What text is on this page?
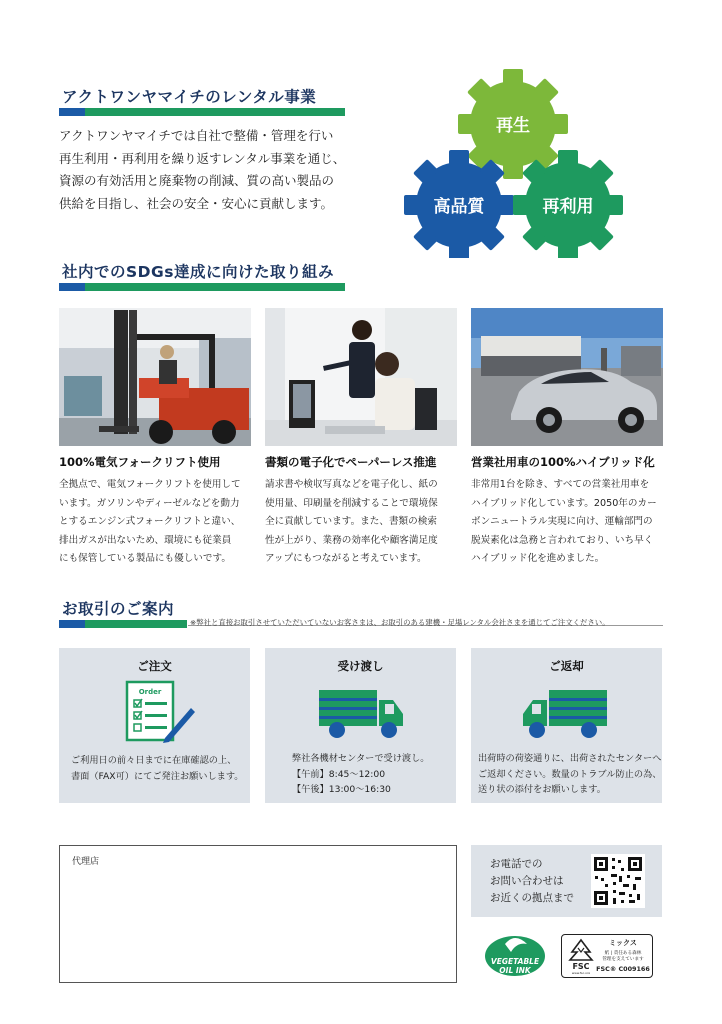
アクトワンヤマイチのレンタル事業
アクトワンヤマイチでは自社で整備・管理を行い
再生利用・再利用を繰り返すレンタル事業を通じ、
資源の有効活用と廃棄物の削減、質の高い製品の
供給を目指し、社会の安全・安心に貢献します。
再生
高品質	再利用
社内でのSDGs達成に向けた取り組み
100%電気フォークリフト使用	書類の電子化でペーパーレス推進	営業社用車の100%ハイブリッド化
全拠点で、電気フォークリフトを使用して
います。ガソリンやディーゼルなどを動力
とするエンジン式フォークリフトと違い、
排出ガスが出ないため、環境にも従業員
にも保管している製品にも優しいです。
請求書や検収写真などを電子化し、紙の
使用量、印刷量を削減することで環境保
全に貢献しています。また、書類の検索
性が上がり、業務の効率化や顧客満足度
アップにもつながると考えています。
非常用1台を除き、すべての営業社用車を
ハイブリッド化しています。2050年のカー
ボンニュートラル実現に向け、運輸部門の
脱炭素化は急務と言われており、いち早く
ハイブリッド化を進めました。
お取引のご案内
※弊社と直接お取引させていただいていないお客さまは、お取引のある建機・足場レンタル会社さまを通じてご注文ください。
ご注文
Order
ご利用日の前々日までに在庫確認の上、
書面（FAX可）にてご発注お願いします。
受け渡し
弊社各機材センターで受け渡し。
【午前】8:45〜12:00
【午後】13:00〜16:30
ご返却
出荷時の荷姿通りに、出荷されたセンターへ
ご返却ください。数量のトラブル防止の為、
送り状の添付をお願いします。
代理店	お電話での
お問い合わせは
お近くの拠点まで
VEGETABLE
OIL INK	FSC
www.fsc.org
ミックス
紙 | 責任ある森林
管理を支えています
FSC® C009166
